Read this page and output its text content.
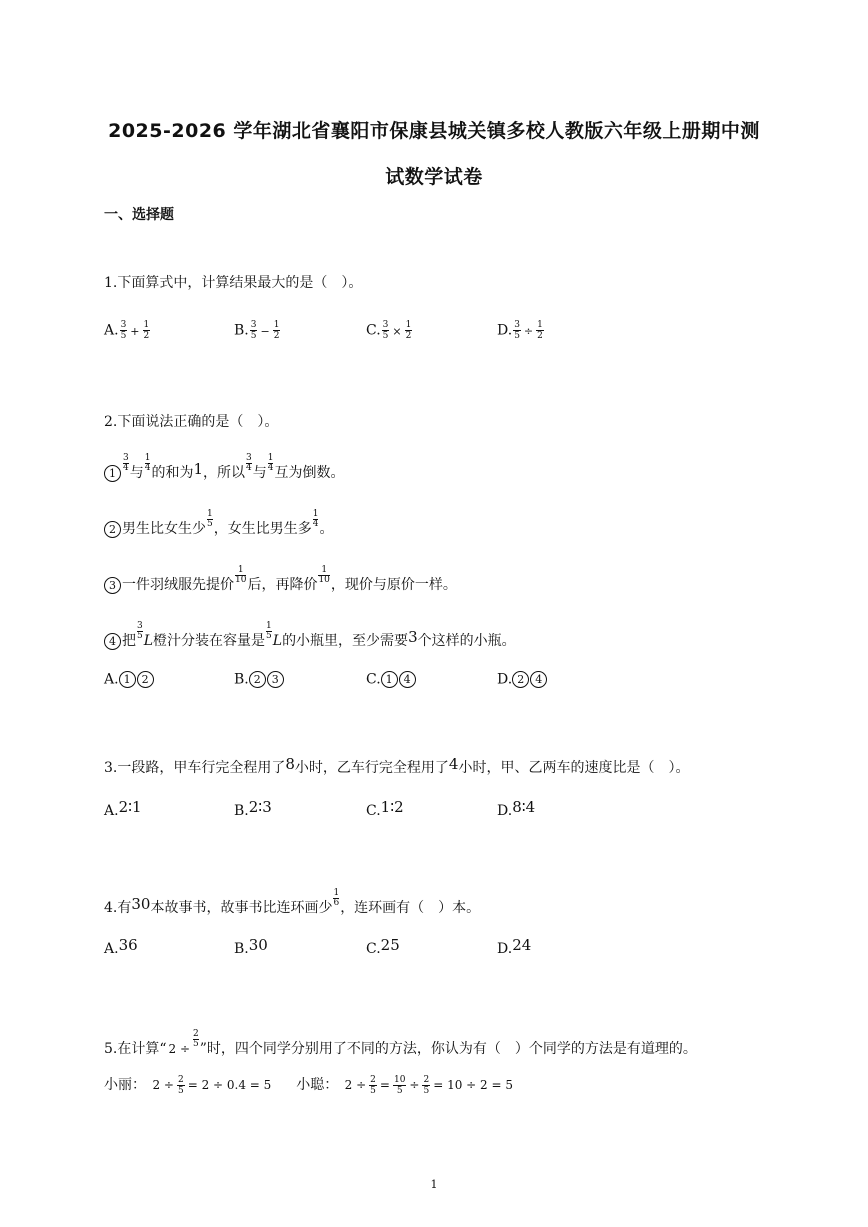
2025-2026 学年湖北省襄阳市保康县城关镇多校人教版六年级上册期中测
试数学试卷
一、选择题
1.下面算式中，计算结果最大的是（　）。
A. $\frac{3}{5} + \frac{1}{2}$	B. $\frac{3}{5} - \frac{1}{2}$	C. $\frac{3}{5} \times \frac{1}{2}$	D. $\frac{3}{5} \div \frac{1}{2}$
2.下面说法正确的是（　）。
$1 \frac{3}{4}$ 与 $\frac{1}{4}$ 的和为1，所以 $\frac{3}{4}$ 与 $\frac{1}{4}$ 互为倒数。
2 男生比女生少 $\frac{1}{5}$ ，女生比男生多 $\frac{1}{4}$ 。
3 一件羽绒服先提价 $\frac{1}{10}$ 后，再降价 $\frac{1}{10}$ ，现价与原价一样。
4 把 $\frac{3}{5}$ L橙汁分装在容量是 $\frac{1}{5}$ L的小瓶里，至少需要3个这样的小瓶。
A. 1 2	B. 2 3	C. 1 4	D. 2 4
3.一段路，甲车行完全程用了8小时，乙车行完全程用了4小时，甲、乙两车的速度比是（　）。
A.2∶1	B.2∶3	C.1∶2	D.8∶4
4.有30本故事书，故事书比连环画少 $\frac{1}{6}$ ，连环画有（　）本。
A.36	B.30	C.25	D.24
5.在计算“ $2 \div \frac{2}{5}$ ”时，四个同学分别用了不同的方法，你认为有（　）个同学的方法是有道理的。
小丽： $2 \div \frac{2}{5} = 2 \div 0.4 = 5$ 小聪： $2 \div \frac{2}{5} = \frac{10}{5} \div \frac{2}{5} = 10 \div 2 = 5$
1
